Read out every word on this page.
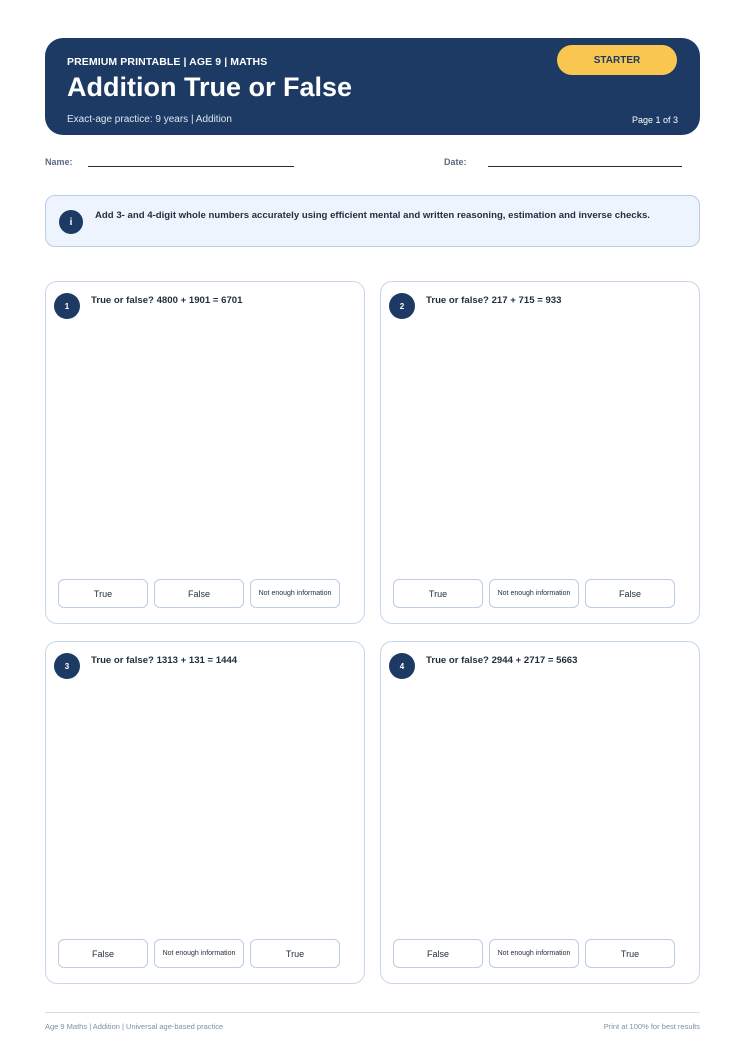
PREMIUM PRINTABLE | AGE 9 | MATHS
Addition True or False
Exact-age practice: 9 years | Addition	Page 1 of 3
STARTER
Name:	Date:
i
Add 3- and 4-digit whole numbers accurately using efficient mental and written reasoning, estimation and inverse checks.
1	True or false? 4800 + 1901 = 6701
True	False	Not enough information
2	True or false? 217 + 715 = 933
True	Not enough information	False
3	True or false? 1313 + 131 = 1444
False	Not enough information	True
4	True or false? 2944 + 2717 = 5663
False	Not enough information	True
Age 9 Maths | Addition | Universal age-based practice	Print at 100% for best results
